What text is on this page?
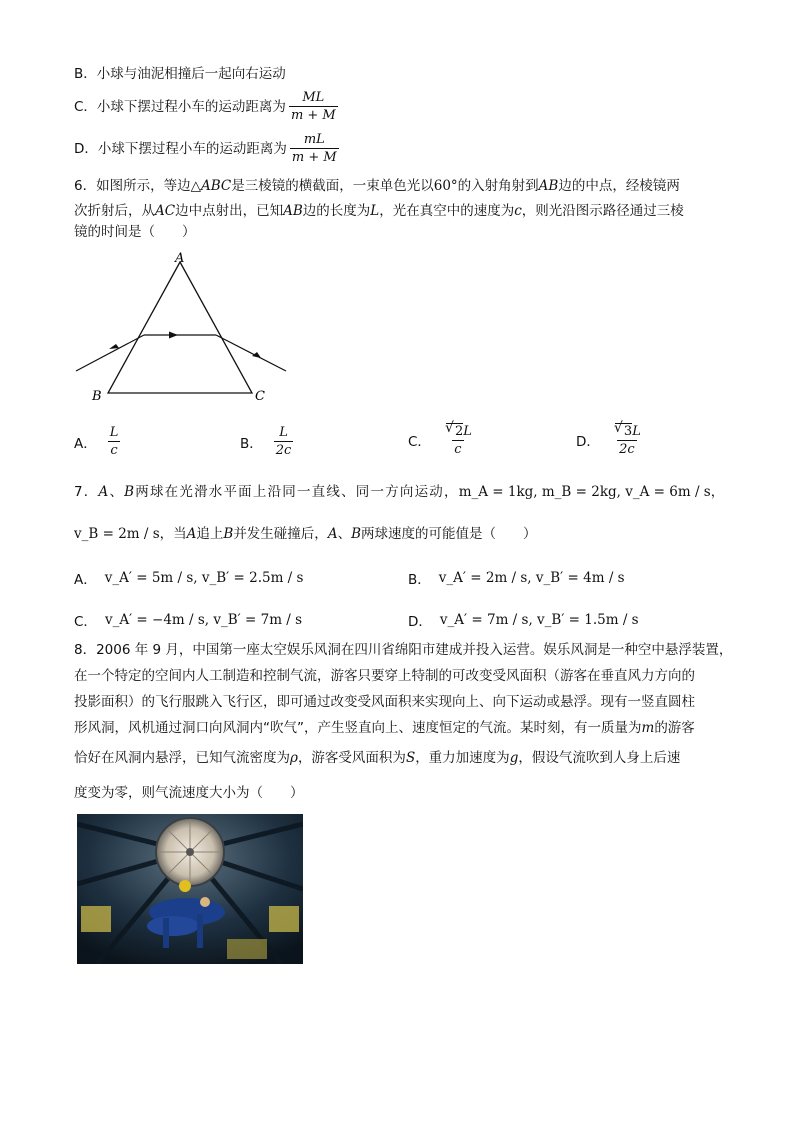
B．小球与油泥相撞后一起向右运动
C．小球下摆过程小车的运动距离为 $\frac{ML}{m + M}$
D．小球下摆过程小车的运动距离为 $\frac{mL}{m + M}$
6．如图所示，等边△ABC是三棱镜的横截面，一束单色光以60°的入射角射到AB边的中点，经棱镜两
次折射后，从AC边中点射出，已知AB边的长度为L，光在真空中的速度为c，则光沿图示路径通过三棱
镜的时间是（　　）
A
B	C
A． $\frac{L}{c}$	B． $\frac{L}{2c}$	C． √ $\frac{2L}{c}$	D． √ $\frac{3L}{2c}$
7．A、B两球在光滑水平面上沿同一直线、同一方向运动，m_A = 1kg, m_B = 2kg, v_A = 6m / s，
v_B = 2m / s，当A追上B并发生碰撞后，A、B两球速度的可能值是（　　）
A． v_A′ = 5m / s, v_B′ = 2.5m / s	B． v_A′ = 2m / s, v_B′ = 4m / s
C． v_A′ = −4m / s, v_B′ = 7m / s	D． v_A′ = 7m / s, v_B′ = 1.5m / s
8．2006 年 9 月，中国第一座太空娱乐风洞在四川省绵阳市建成并投入运营。娱乐风洞是一种空中悬浮装置，
在一个特定的空间内人工制造和控制气流，游客只要穿上特制的可改变受风面积（游客在垂直风力方向的
投影面积）的飞行服跳入飞行区，即可通过改变受风面积来实现向上、向下运动或悬浮。现有一竖直圆柱
形风洞，风机通过洞口向风洞内“吹气”，产生竖直向上、速度恒定的气流。某时刻，有一质量为m的游客
恰好在风洞内悬浮，已知气流密度为ρ，游客受风面积为S，重力加速度为g，假设气流吹到人身上后速
度变为零，则气流速度大小为（　　）
